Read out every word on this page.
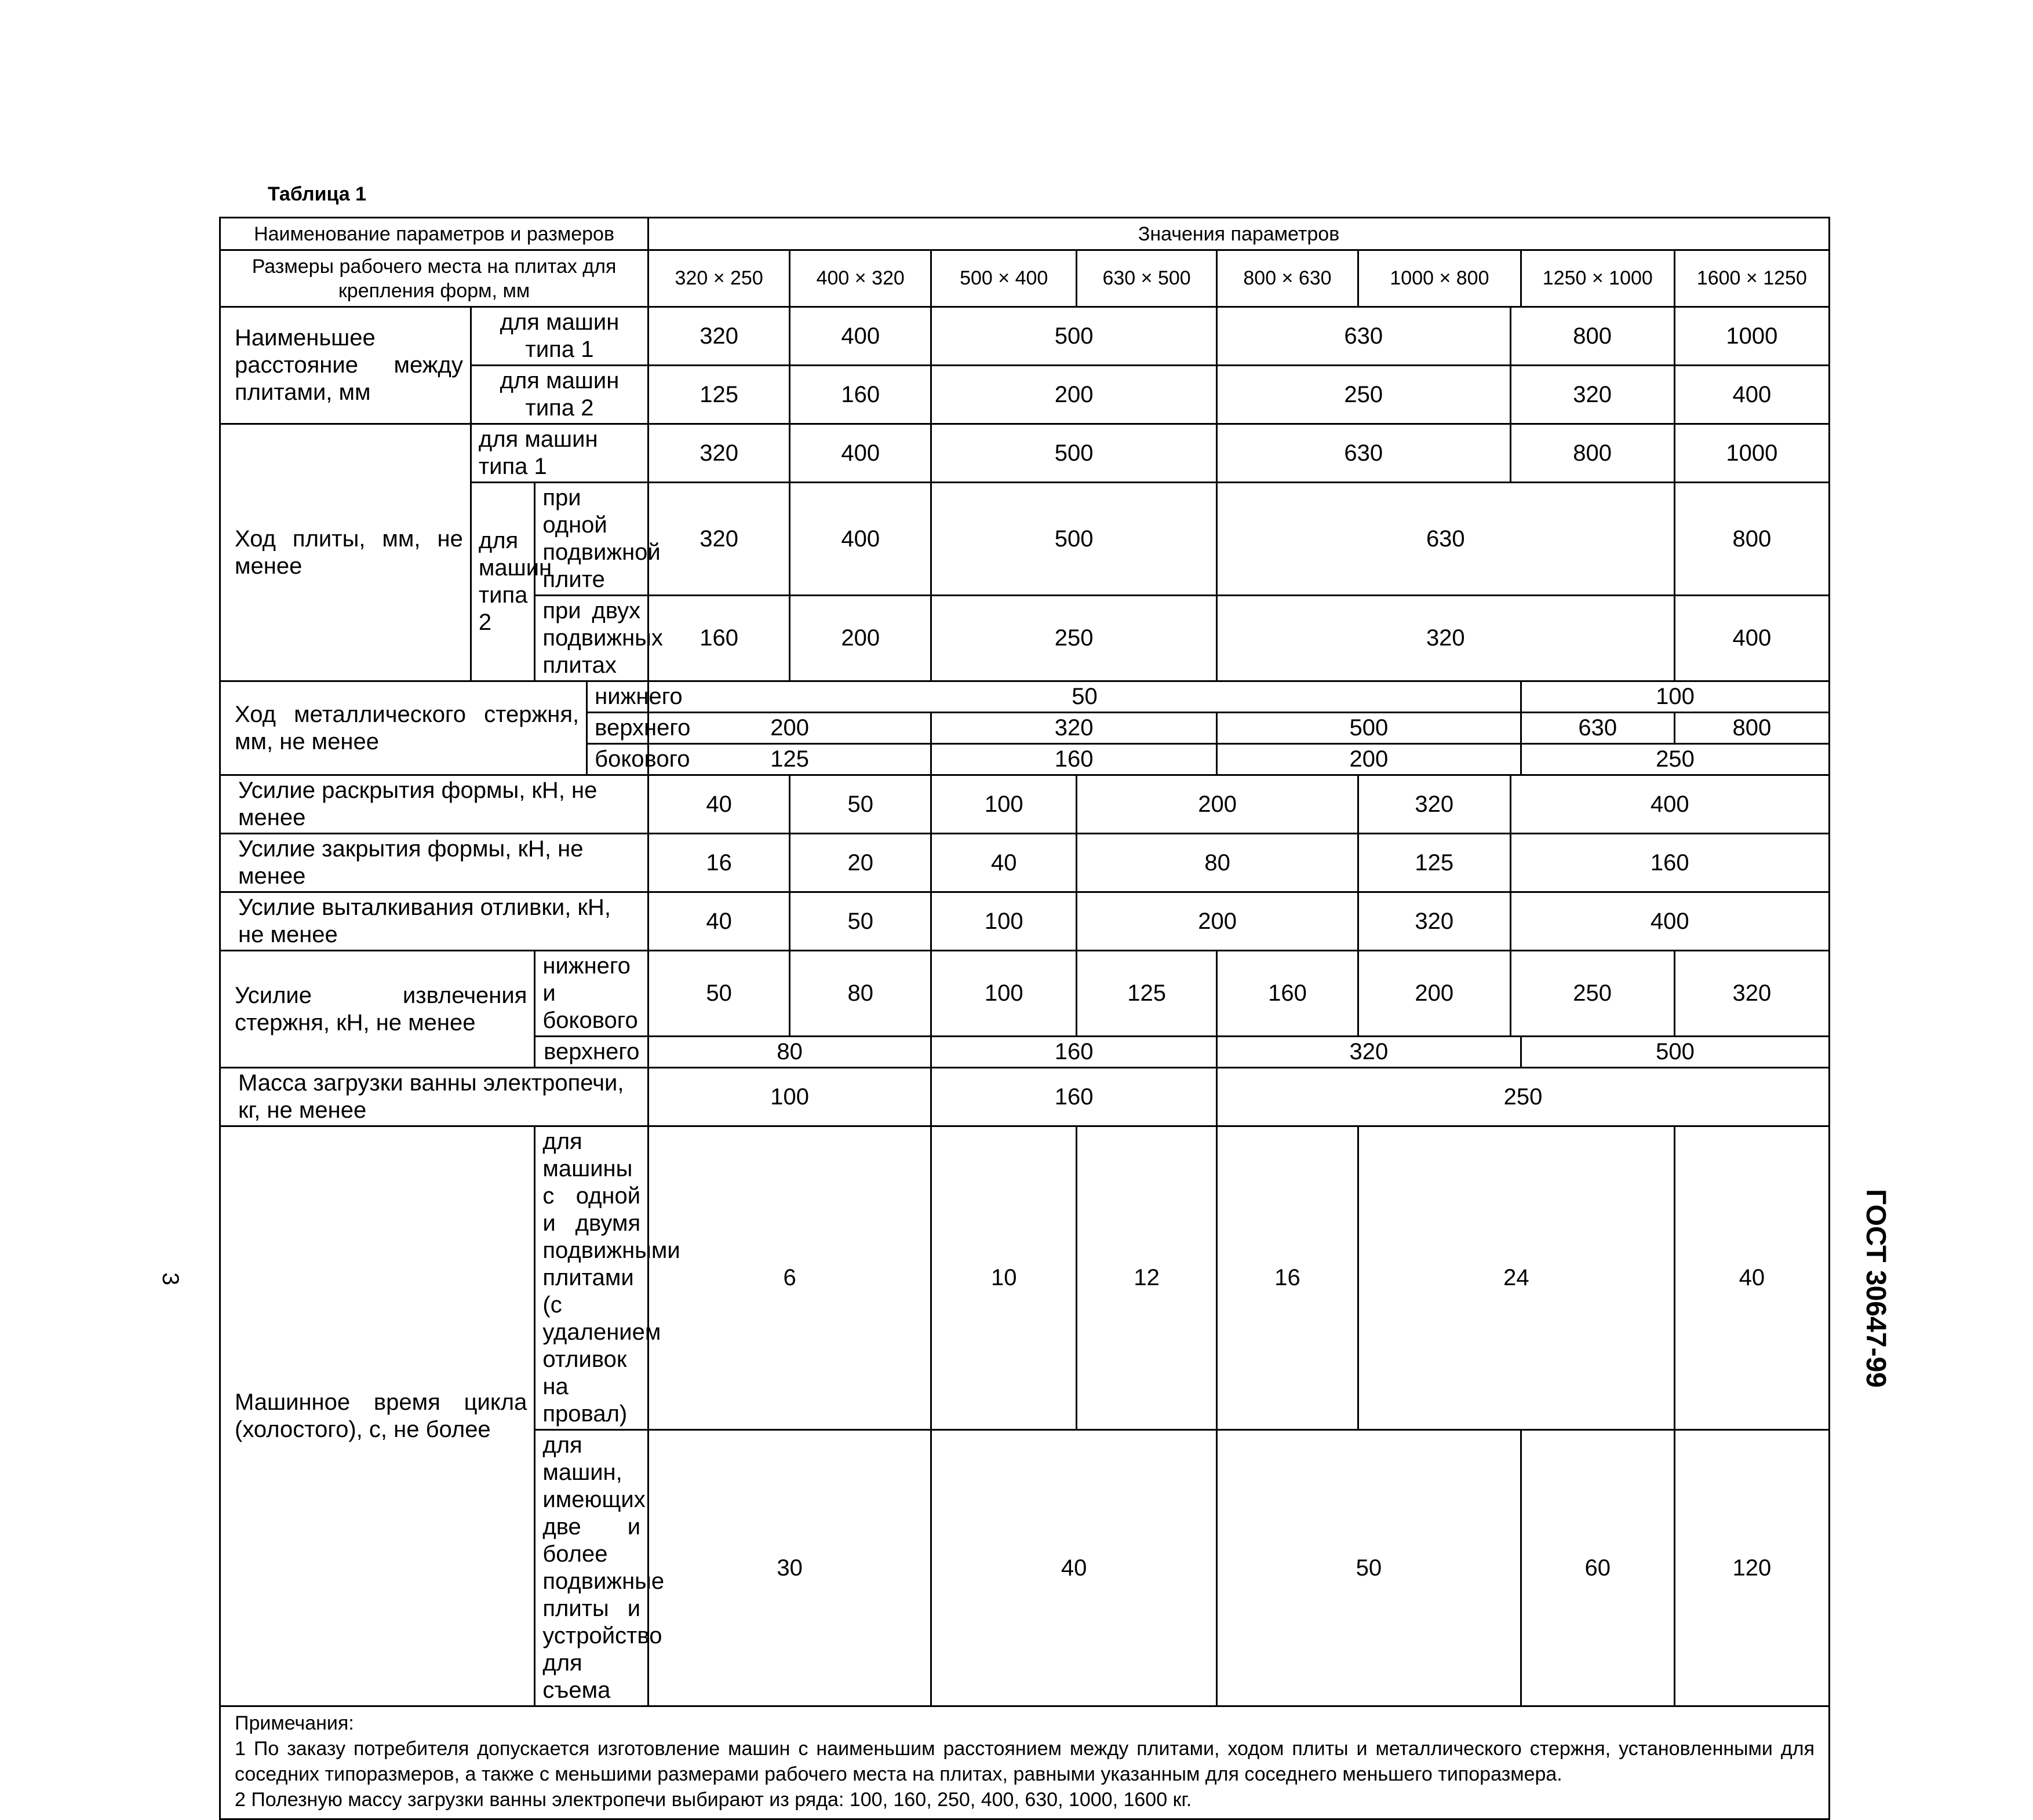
Таблица 1
Наименование параметров и размеров				Значения параметров								
Размеры рабочего места на плитах для крепления форм, мм				320 × 250	400 × 320	500 × 400	630 × 500	800 × 630	1000 × 800		1250 × 1000	1600 × 1250
Наименьшее расстояние между плитами, мм	для машин типа 1			320	400	500		630		800		1000
	для машин типа 2			125	160	200		250		320		400
Ход плиты, мм, не менее	для машин типа 1			320	400	500		630		800		1000
	для машин типа 2	при одной подвижной плите		320	400	500		630				800
		при двух подвижных плитах		160	200	250		320				400
Ход металлического стержня, мм, не менее			нижнего	50							100	
			верхнего	200		320		500			630	800
			бокового	125		160		200			250	
Усилие раскрытия формы, кН, не менее				40	50	100	200		320	400		
Усилие закрытия формы, кН, не менее				16	20	40	80		125	160		
Усилие выталкивания отливки, кН, не менее				40	50	100	200		320	400		
Усилие извлечения стержня, кН, не менее		нижнего и бокового		50	80	100	125	160	200	250		320
		верхнего		80		160		320			500	
Масса загрузки ванны электропечи, кг, не менее				100		160		250				
Машинное время цикла (холостого), с, не более		для машины с одной и двумя подвижными плитами (с удалением отливок на провал)		6		10	12	16	24			40
		для машин, имеющих две и более подвижные плиты и устройство для съема		30		40		50			60	120

Примечания:

1 По заказу потребителя допускается изготовление машин с наименьшим расстоянием между плитами, ходом плиты и металлического стержня, установленными для соседних типоразмеров, а также с меньшими размерами рабочего места на плитах, равными указанным для соседнего меньшего типоразмера.

2 Полезную массу загрузки ванны электропечи выбирают из ряда: 100, 160, 250, 400, 630, 1000, 1600 кг.												

ГОСТ 30647-99
3
